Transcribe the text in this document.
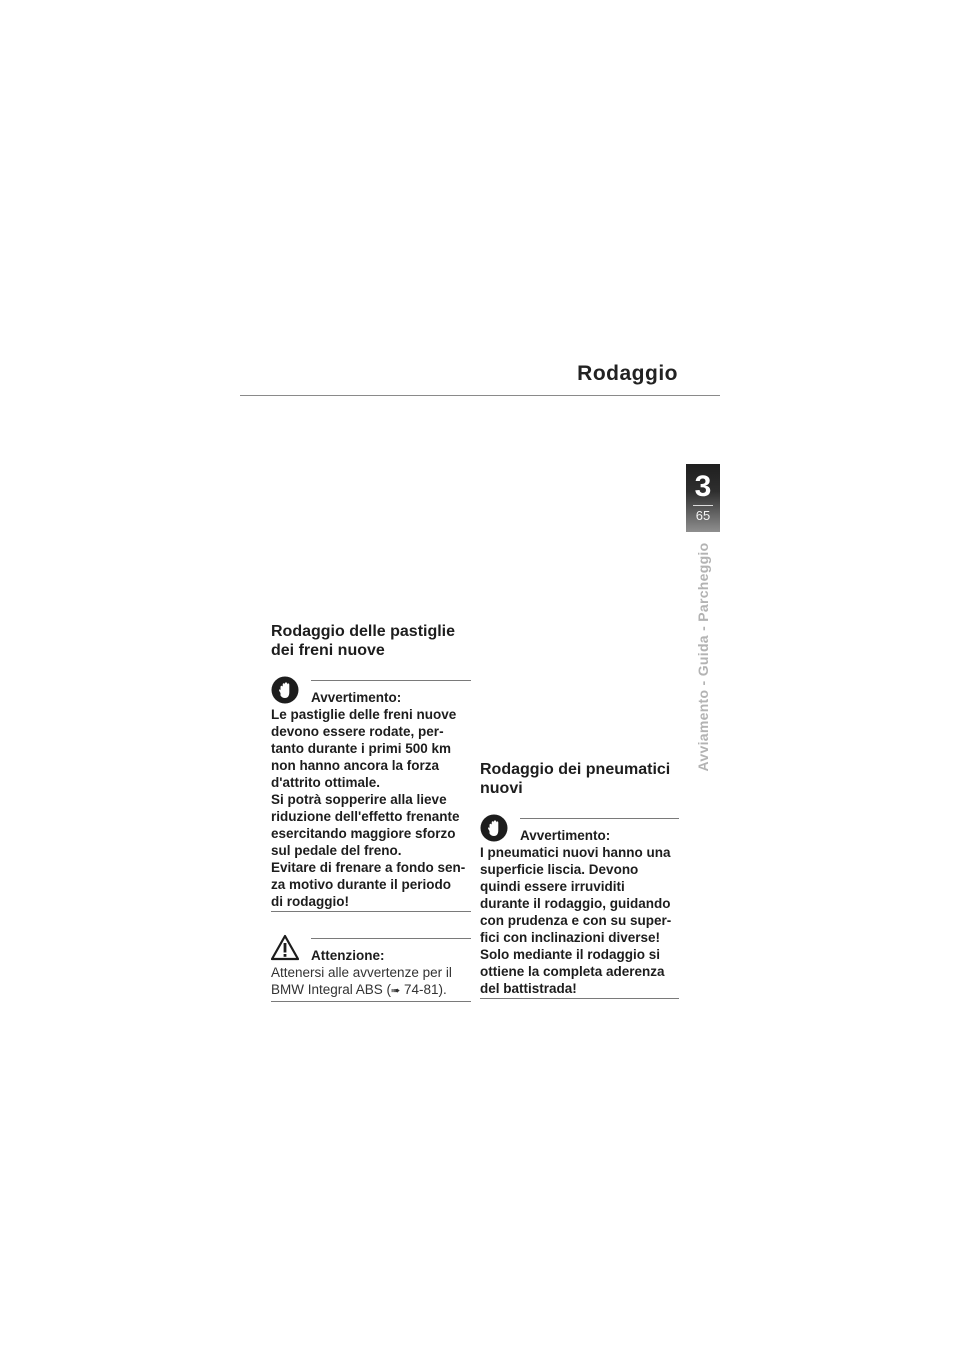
Rodaggio
3
65
Avviamento - Guida - Parcheggio
Rodaggio delle pastiglie
dei freni nuove
Avvertimento:

Le pastiglie delle freni nuove
devono essere rodate, per-
tanto durante i primi 500 km
non hanno ancora la forza
d'attrito ottimale.
Si potrà sopperire alla lieve
riduzione dell'effetto frenante
esercitando maggiore sforzo
sul pedale del freno.
Evitare di frenare a fondo sen-
za motivo durante il periodo
di rodaggio!

Attenzione:

Attenersi alle avvertenze per il
BMW Integral ABS (➠ 74-81).

Rodaggio dei pneumatici
nuovi
Avvertimento:

I pneumatici nuovi hanno una
superficie liscia. Devono
quindi essere irruviditi
durante il rodaggio, guidando
con prudenza e con su super-
fici con inclinazioni diverse!
Solo mediante il rodaggio si
ottiene la completa aderenza
del battistrada!
